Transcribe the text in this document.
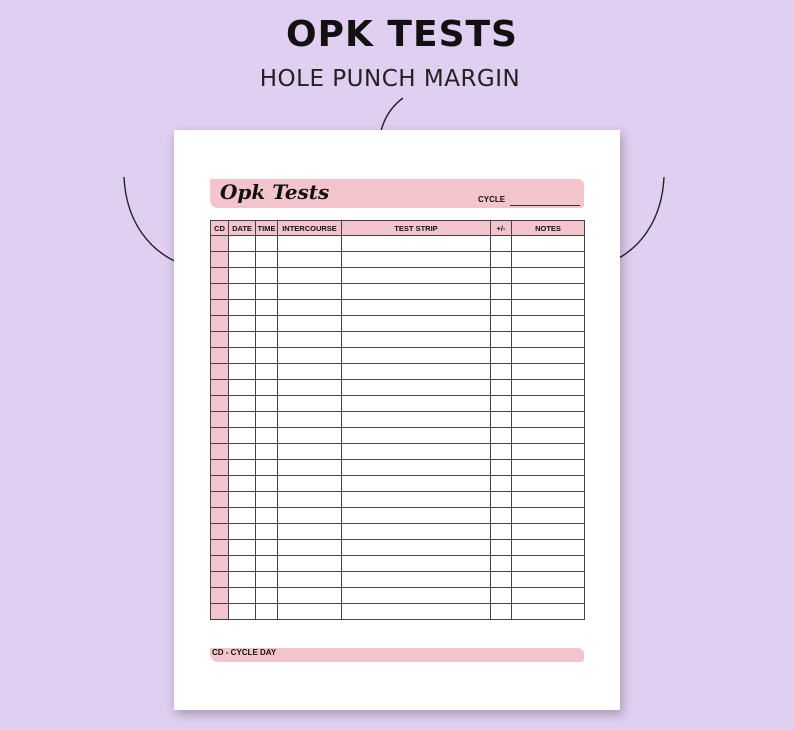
OPK TESTS
HOLE PUNCH MARGIN
Opk Tests	CYCLE
CD	DATE	TIME	INTERCOURSE	TEST STRIP	+/-	NOTES

CD - CYCLE DAY
